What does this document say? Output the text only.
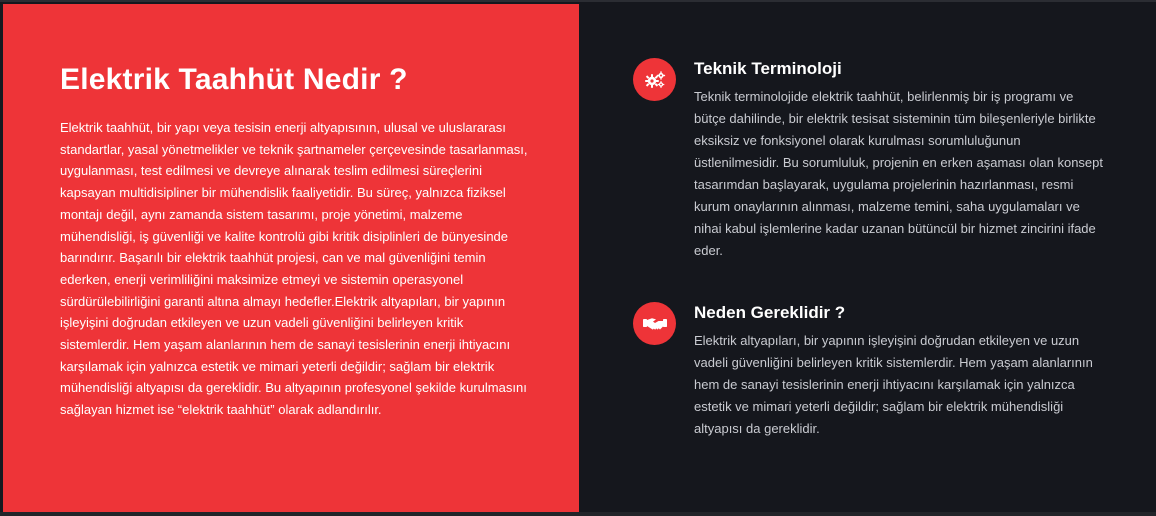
Elektrik Taahhüt Nedir ?

Elektrik taahhüt, bir yapı veya tesisin enerji altyapısının, ulusal ve uluslararası standartlar, yasal yönetmelikler ve teknik şartnameler çerçevesinde tasarlanması, uygulanması, test edilmesi ve devreye alınarak teslim edilmesi süreçlerini kapsayan multidisipliner bir mühendislik faaliyetidir. Bu süreç, yalnızca fiziksel montajı değil, aynı zamanda sistem tasarımı, proje yönetimi, malzeme mühendisliği, iş güvenliği ve kalite kontrolü gibi kritik disiplinleri de bünyesinde barındırır. Başarılı bir elektrik taahhüt projesi, can ve mal güvenliğini temin ederken, enerji verimliliğini maksimize etmeyi ve sistemin operasyonel sürdürülebilirliğini garanti altına almayı hedefler.Elektrik altyapıları, bir yapının işleyişini doğrudan etkileyen ve uzun vadeli güvenliğini belirleyen kritik sistemlerdir. Hem yaşam alanlarının hem de sanayi tesislerinin enerji ihtiyacını karşılamak için yalnızca estetik ve mimari yeterli değildir; sağlam bir elektrik mühendisliği altyapısı da gereklidir. Bu altyapının profesyonel şekilde kurulmasını sağlayan hizmet ise “elektrik taahhüt” olarak adlandırılır.

Teknik Terminoloji

Teknik terminolojide elektrik taahhüt, belirlenmiş bir iş programı ve bütçe dahilinde, bir elektrik tesisat sisteminin tüm bileşenleriyle birlikte eksiksiz ve fonksiyonel olarak kurulması sorumluluğunun üstlenilmesidir. Bu sorumluluk, projenin en erken aşaması olan konsept tasarımdan başlayarak, uygulama projelerinin hazırlanması, resmi kurum onaylarının alınması, malzeme temini, saha uygulamaları ve nihai kabul işlemlerine kadar uzanan bütüncül bir hizmet zincirini ifade eder.

Neden Gereklidir ?

Elektrik altyapıları, bir yapının işleyişini doğrudan etkileyen ve uzun vadeli güvenliğini belirleyen kritik sistemlerdir. Hem yaşam alanlarının hem de sanayi tesislerinin enerji ihtiyacını karşılamak için yalnızca estetik ve mimari yeterli değildir; sağlam bir elektrik mühendisliği altyapısı da gereklidir.
